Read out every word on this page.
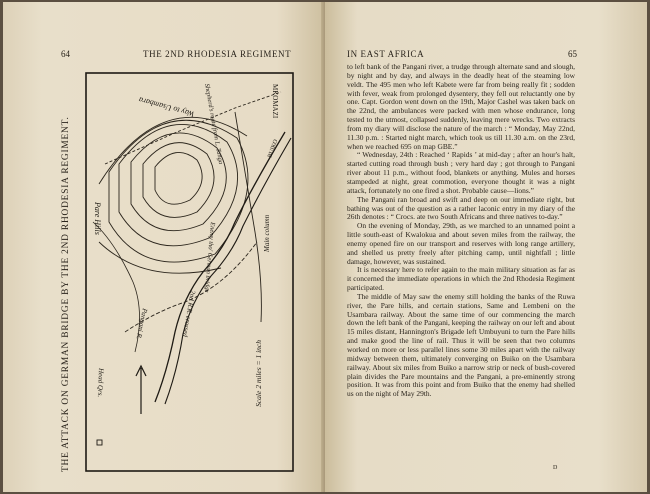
64	THE 2ND RHODESIA REGIMENT
THE ATTACK ON GERMAN BRIDGE BY THE 2ND RHODESIA REGIMENT.
Way to Usambara Shepherd's route from L. Tanga	MKOMAZI
BUIKO
Pare Hills	Main column
Enemy tho' German bridge
2nd R.R. crossed
Pangani R.
Head Qrs.	Scale 2 miles = 1 inch
IN EAST AFRICA	65

to left bank of the Pangani river, a trudge through alternate sand and slough, by night and by day, and always in the deadly heat of the steaming low veldt. The 495 men who left Kabete were far from being really fit ; sodden with fever, weak from prolonged dysentery, they fell out reluctantly one by one. Capt. Gordon went down on the 19th, Major Cashel was taken back on the 22nd, the ambulances were packed with men whose endurance, long tested to the utmost, collapsed suddenly, leaving mere wrecks. Two extracts from my diary will disclose the nature of the march : “ Monday, May 22nd, 11.30 p.m. : Started night march, which took us till 11.30 a.m. on the 23rd, when we reached 695 on map GBE.”

“ Wednesday, 24th : Reached ‘ Rapids ’ at mid-day ; after an hour's halt, started cutting road through bush ; very hard day ; got through to Pangani river about 11 p.m., without food, blankets or anything. Mules and horses stampeded at night, great commotion, everyone thought it was a night attack, fortunately no one fired a shot. Probable cause—lions.”

The Pangani ran broad and swift and deep on our immediate right, but bathing was out of the question as a rather laconic entry in my diary of the 26th denotes : “ Crocs. ate two South Africans and three natives to-day.”

On the evening of Monday, 29th, as we marched to an unnamed point a little south-east of Kwalokua and about seven miles from the railway, the enemy opened fire on our transport and reserves with long range artillery, and shelled us pretty freely after pitching camp, until nightfall ; little damage, however, was sustained.

It is necessary here to refer again to the main military situation as far as it concerned the immediate operations in which the 2nd Rhodesia Regiment participated.

The middle of May saw the enemy still holding the banks of the Ruwa river, the Pare hills, and certain stations, Same and Lembeni on the Usambara railway. About the same time of our commencing the march down the left bank of the Pangani, keeping the railway on our left and about 15 miles distant, Hannington's Brigade left Umbuyuni to turn the Pare hills and make good the line of rail. Thus it will be seen that two columns worked on more or less parallel lines some 30 miles apart with the railway midway between them, ultimately converging on Buiko on the Usambara railway. About six miles from Buiko a narrow strip or neck of bush-covered plain divides the Pare mountains and the Pangani, a pre-eminently strong position. It was from this point and from Buiko that the enemy had shelled us on the night of May 29th.

D
